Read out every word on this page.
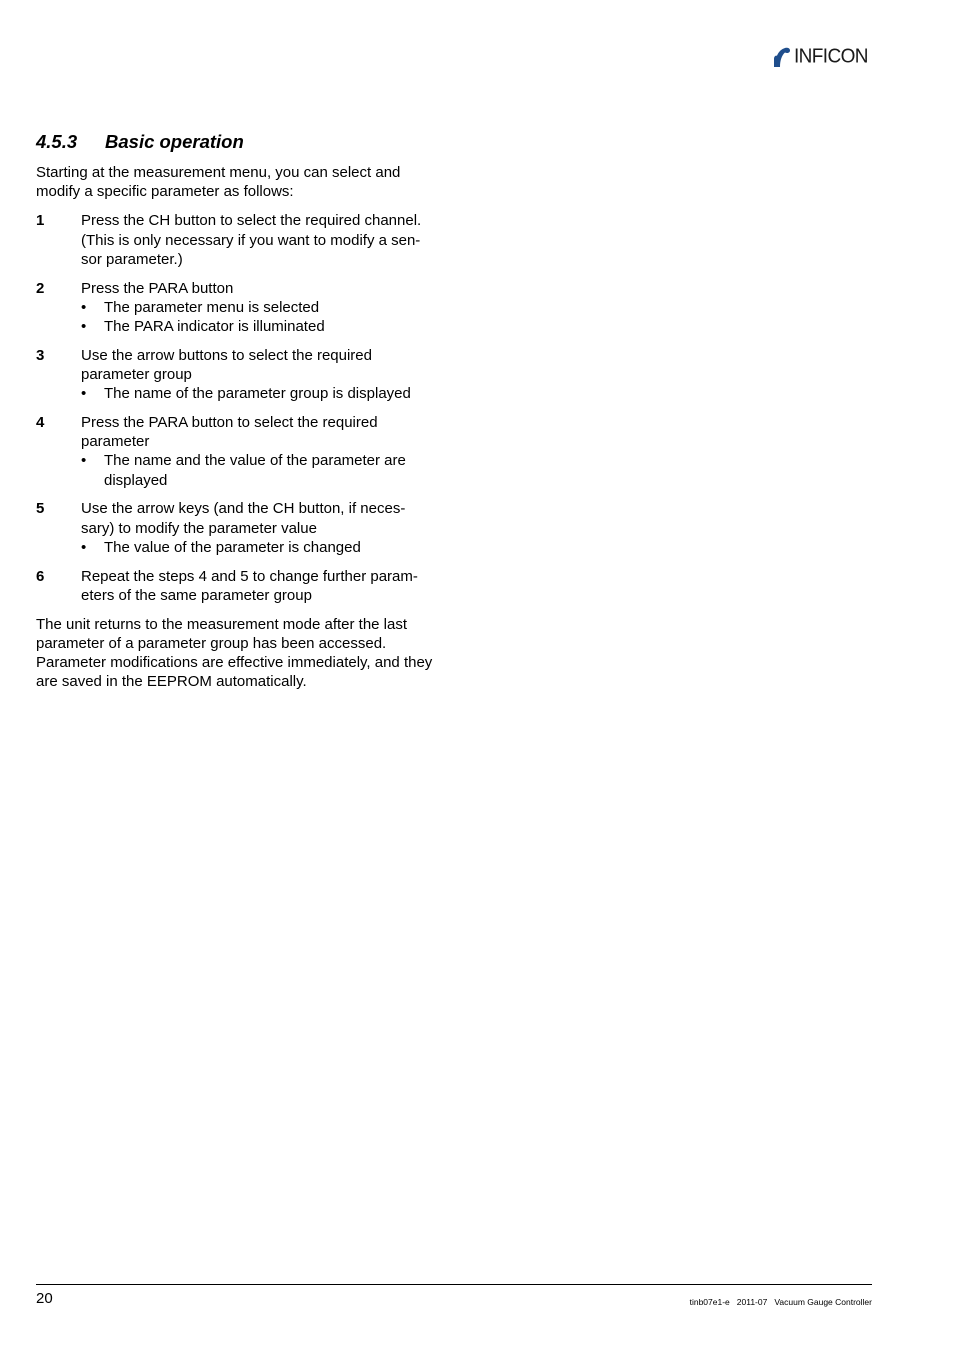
INFICON
4.5.3 Basic operation

Starting at the measurement menu, you can select and modify a specific parameter as follows:

1	Press the CH button to select the required channel.
(This is only necessary if you want to modify a sen-
sor parameter.)
2	Press the PARA button
•	The parameter menu is selected
•	The PARA indicator is illuminated
3	Use the arrow buttons to select the required
parameter group
•	The name of the parameter group is displayed
4	Press the PARA button to select the required
parameter
•	The name and the value of the parameter are displayed
5	Use the arrow keys (and the CH button, if neces-
sary) to modify the parameter value
•	The value of the parameter is changed
6	Repeat the steps 4 and 5 to change further param-
eters of the same parameter group

The unit returns to the measurement mode after the last parameter of a parameter group has been accessed. Parameter modifications are effective immediately, and they are saved in the EEPROM automatically.

20	tinb07e1-e 2011-07 Vacuum Gauge Controller
